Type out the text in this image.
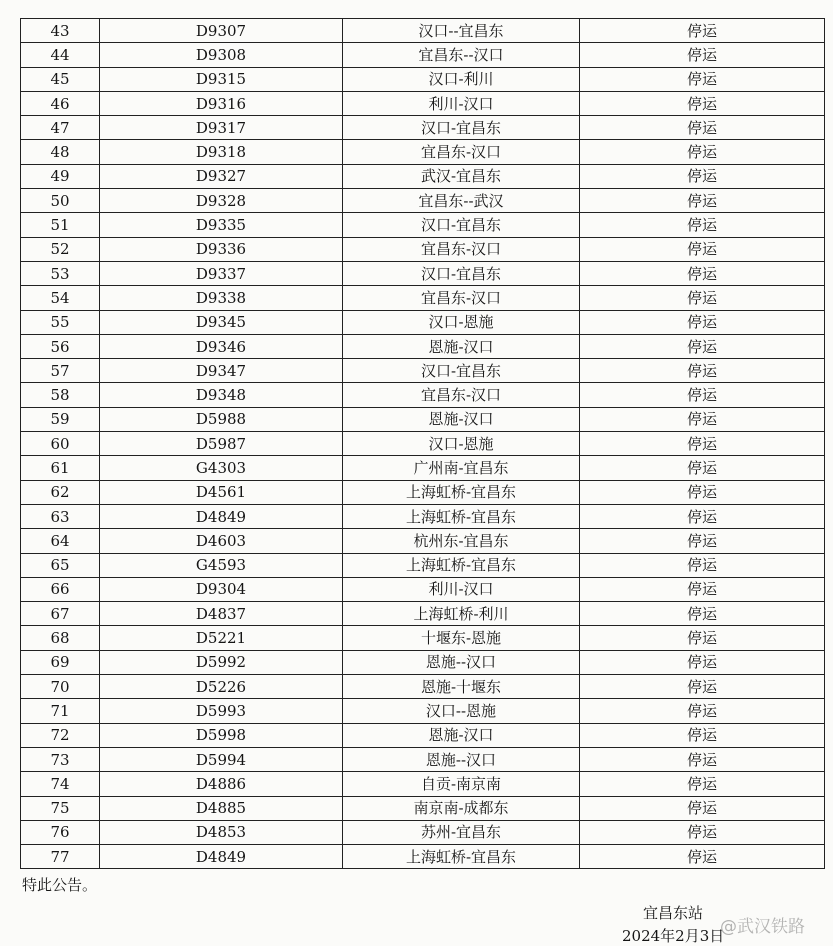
43	D9307	汉口--宜昌东	停运
44	D9308	宜昌东--汉口	停运
45	D9315	汉口-利川	停运
46	D9316	利川-汉口	停运
47	D9317	汉口-宜昌东	停运
48	D9318	宜昌东-汉口	停运
49	D9327	武汉-宜昌东	停运
50	D9328	宜昌东--武汉	停运
51	D9335	汉口-宜昌东	停运
52	D9336	宜昌东-汉口	停运
53	D9337	汉口-宜昌东	停运
54	D9338	宜昌东-汉口	停运
55	D9345	汉口-恩施	停运
56	D9346	恩施-汉口	停运
57	D9347	汉口-宜昌东	停运
58	D9348	宜昌东-汉口	停运
59	D5988	恩施-汉口	停运
60	D5987	汉口-恩施	停运
61	G4303	广州南-宜昌东	停运
62	D4561	上海虹桥-宜昌东	停运
63	D4849	上海虹桥-宜昌东	停运
64	D4603	杭州东-宜昌东	停运
65	G4593	上海虹桥-宜昌东	停运
66	D9304	利川-汉口	停运
67	D4837	上海虹桥-利川	停运
68	D5221	十堰东-恩施	停运
69	D5992	恩施--汉口	停运
70	D5226	恩施-十堰东	停运
71	D5993	汉口--恩施	停运
72	D5998	恩施-汉口	停运
73	D5994	恩施--汉口	停运
74	D4886	自贡-南京南	停运
75	D4885	南京南-成都东	停运
76	D4853	苏州-宜昌东	停运
77	D4849	上海虹桥-宜昌东	停运
特此公告。
宜昌东站
2024年2月3日
@武汉铁路
